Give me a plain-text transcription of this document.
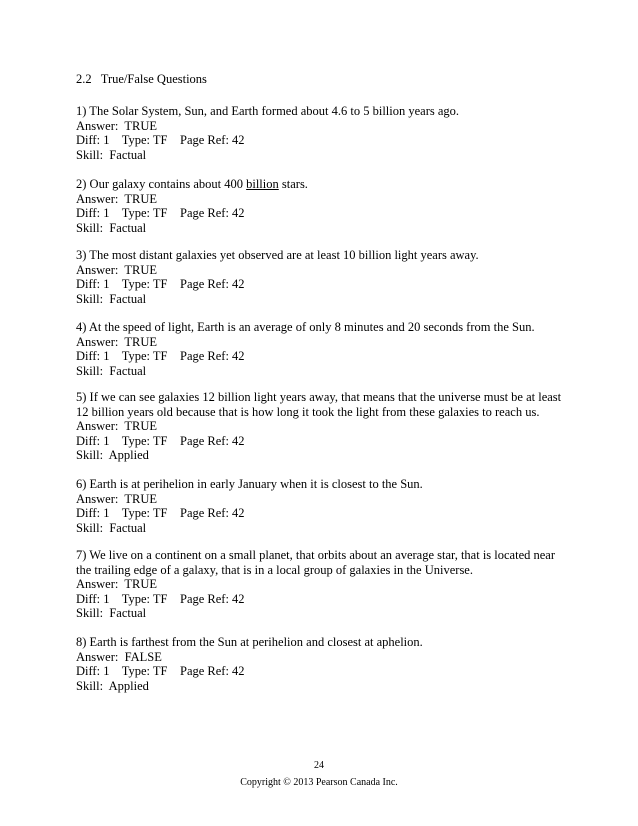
2.2   True/False Questions

1) The Solar System, Sun, and Earth formed about 4.6 to 5 billion years ago.

Answer:  TRUE

Diff: 1    Type: TF    Page Ref: 42

Skill:  Factual

2) Our galaxy contains about 400 billion stars.

Answer:  TRUE

Diff: 1    Type: TF    Page Ref: 42

Skill:  Factual

3) The most distant galaxies yet observed are at least 10 billion light years away.

Answer:  TRUE

Diff: 1    Type: TF    Page Ref: 42

Skill:  Factual

4) At the speed of light, Earth is an average of only 8 minutes and 20 seconds from the Sun.

Answer:  TRUE

Diff: 1    Type: TF    Page Ref: 42

Skill:  Factual

5) If we can see galaxies 12 billion light years away, that means that the universe must be at least 12 billion years old because that is how long it took the light from these galaxies to reach us.

Answer:  TRUE

Diff: 1    Type: TF    Page Ref: 42

Skill:  Applied

6) Earth is at perihelion in early January when it is closest to the Sun.

Answer:  TRUE

Diff: 1    Type: TF    Page Ref: 42

Skill:  Factual

7) We live on a continent on a small planet, that orbits about an average star, that is located near the trailing edge of a galaxy, that is in a local group of galaxies in the Universe.

Answer:  TRUE

Diff: 1    Type: TF    Page Ref: 42

Skill:  Factual

8) Earth is farthest from the Sun at perihelion and closest at aphelion.

Answer:  FALSE

Diff: 1    Type: TF    Page Ref: 42

Skill:  Applied

24
Copyright © 2013 Pearson Canada Inc.
